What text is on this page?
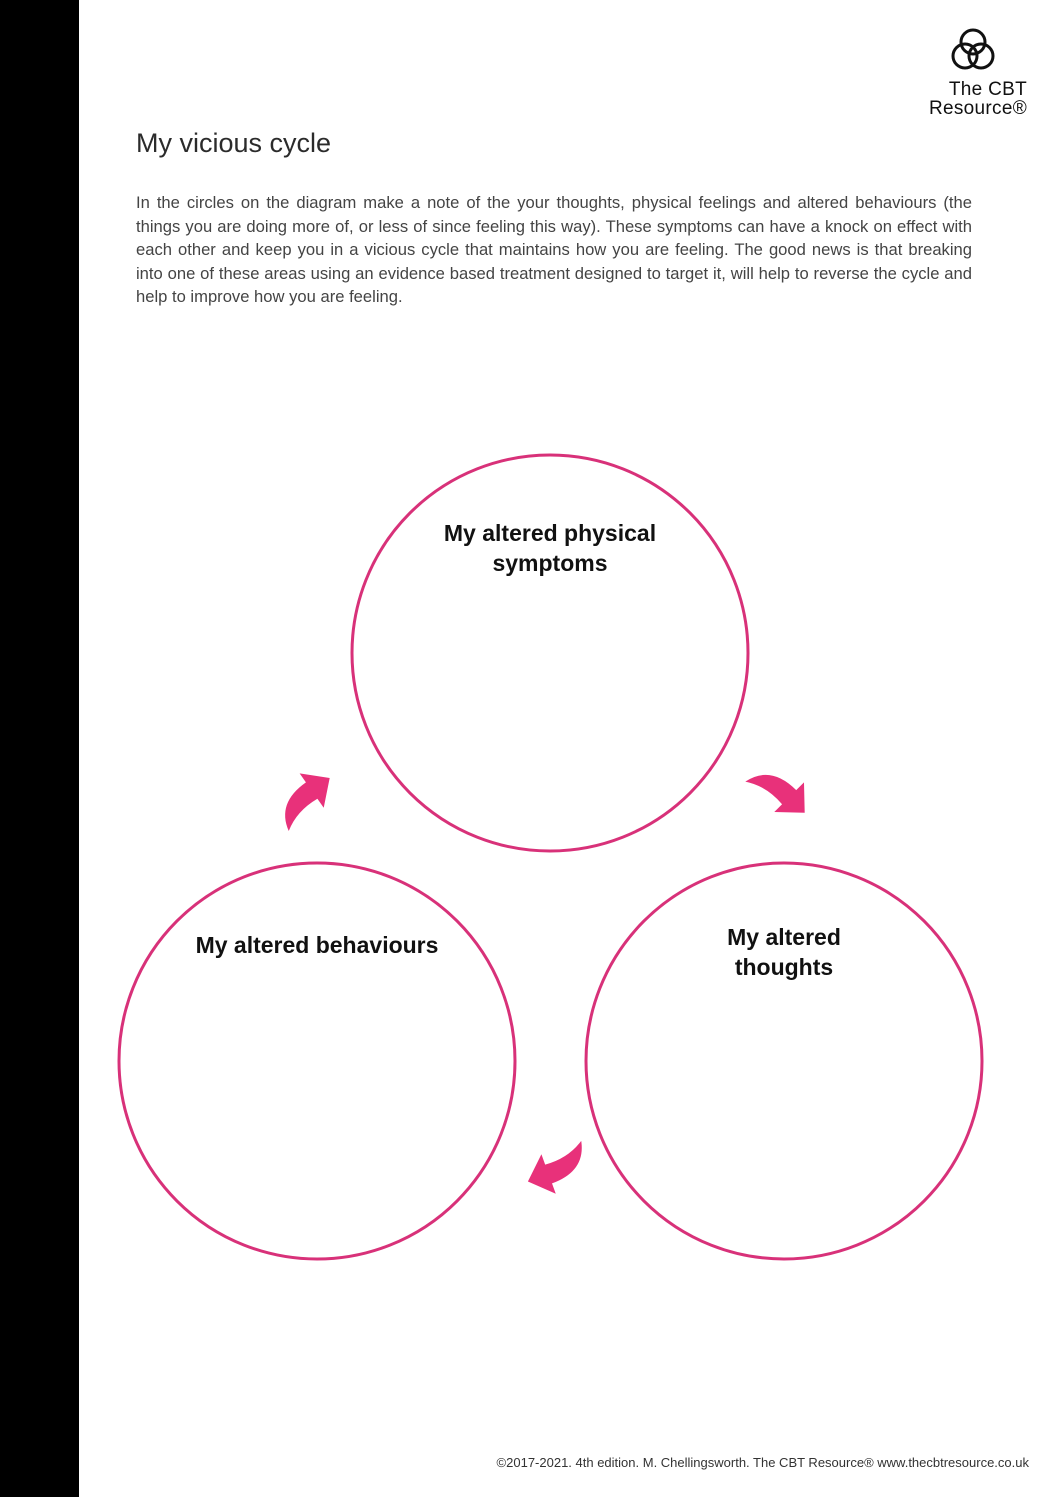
The CBT
Resource®
My vicious cycle

In the circles on the diagram make a note of the your thoughts, physical feelings and altered behaviours (the things you are doing more of, or less of since feeling this way). These symptoms can have a knock on effect with each other and keep you in a vicious cycle that maintains how you are feeling. The good news is that breaking into one of these areas using an evidence based treatment designed to target it, will help to reverse the cycle and help to improve how you are feeling.

My altered physical symptoms
My altered behaviours	My altered thoughts
©2017-2021. 4th edition. M. Chellingsworth. The CBT Resource® www.thecbtresource.co.uk
